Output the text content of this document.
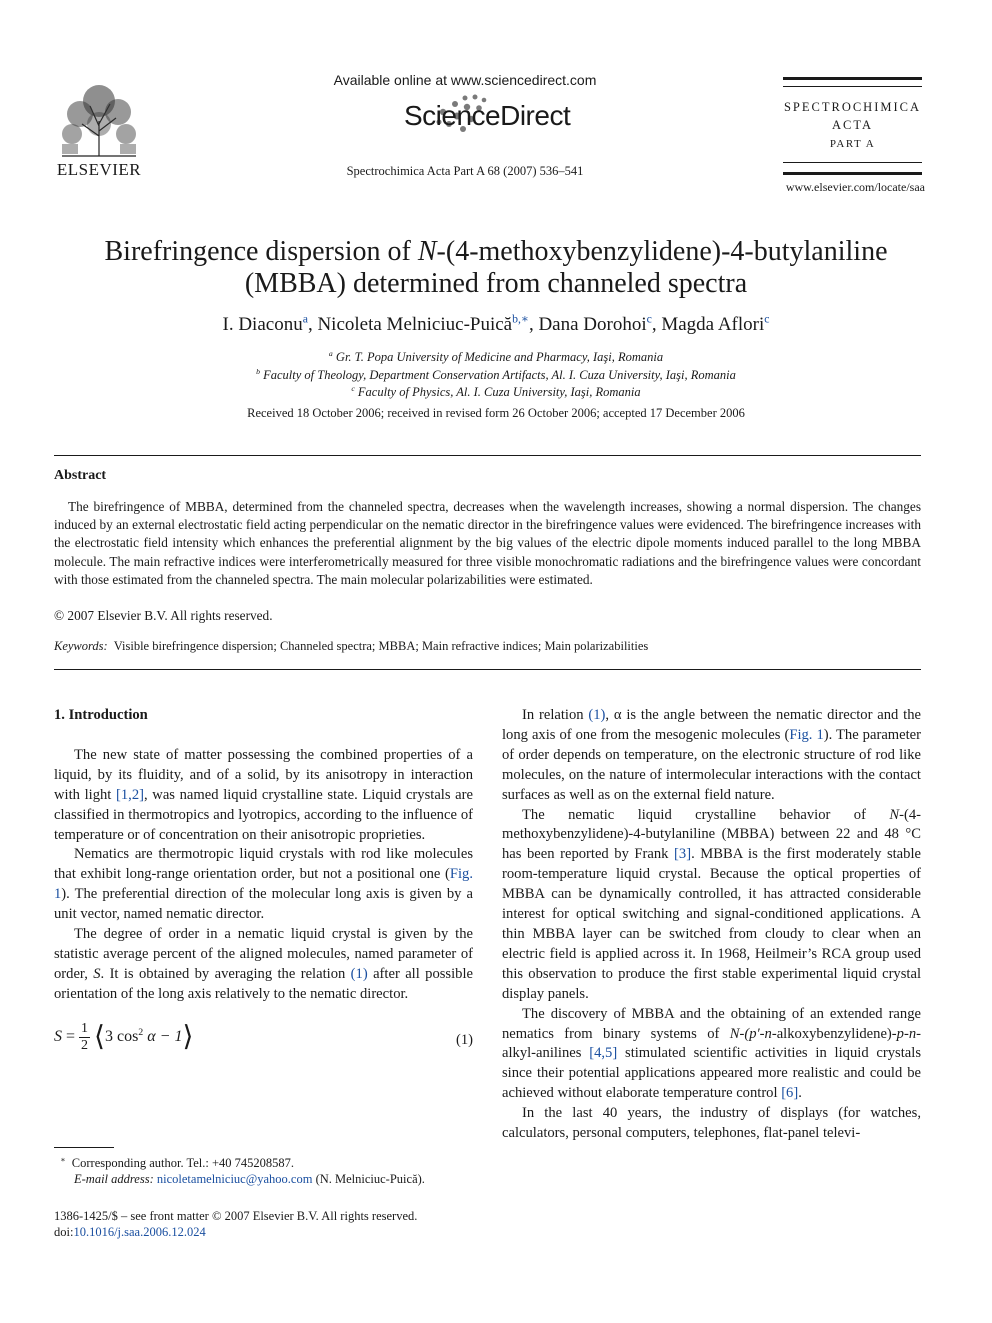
ELSEVIER
Available online at www.sciencedirect.com
ScienceDirect
Spectrochimica Acta Part A 68 (2007) 536–541
SPECTROCHIMICA
ACTA
PART A
www.elsevier.com/locate/saa
Birefringence dispersion of N-(4-methoxybenzylidene)-4-butylaniline
(MBBA) determined from channeled spectra
I. Diaconu$^a$, Nicoleta Melniciuc-Puică$^{b,∗}$, Dana Dorohoi$^c$, Magda Aflori$^c$
$^a$ Gr. T. Popa University of Medicine and Pharmacy, Iaşi, Romania
$^b$ Faculty of Theology, Department Conservation Artifacts, Al. I. Cuza University, Iaşi, Romania
$^c$ Faculty of Physics, Al. I. Cuza University, Iaşi, Romania
Received 18 October 2006; received in revised form 26 October 2006; accepted 17 December 2006
Abstract
The birefringence of MBBA, determined from the channeled spectra, decreases when the wavelength increases, showing a normal dispersion. The changes induced by an external electrostatic field acting perpendicular on the nematic director in the birefringence values were evidenced. The birefringence increases with the electrostatic field intensity which enhances the preferential alignment by the big values of the electric dipole moments induced parallel to the long MBBA molecule. The main refractive indices were interferometrically measured for three visible monochromatic radiations and the birefringence values were concordant with those estimated from the channeled spectra. The main molecular polarizabilities were estimated.
© 2007 Elsevier B.V. All rights reserved.
Keywords: Visible birefringence dispersion; Channeled spectra; MBBA; Main refractive indices; Main polarizabilities
1. Introduction

The new state of matter possessing the combined properties of a liquid, by its fluidity, and of a solid, by its anisotropy in interaction with light [1,2], was named liquid crystalline state. Liquid crystals are classified in thermotropics and lyotropics, according to the influence of temperature or of concentration on their anisotropic proprieties.

Nematics are thermotropic liquid crystals with rod like molecules that exhibit long-range orientation order, but not a positional one (Fig. 1). The preferential direction of the molecular long axis is given by a unit vector, named nematic director.

The degree of order in a nematic liquid crystal is given by the statistic average percent of the aligned molecules, named parameter of order, S. It is obtained by averaging the relation (1) after all possible orientation of the long axis relatively to the nematic director.

$S = \frac{1}{2}$ ⟨3 $\cos^2 \alpha$ − 1⟩	(1)

In relation (1), α is the angle between the nematic director and the long axis of one from the mesogenic molecules (Fig. 1). The parameter of order depends on temperature, on the electronic structure of rod like molecules, on the nature of intermolecular interactions with the contact surfaces as well as on the external field nature.

The nematic liquid crystalline behavior of N-(4-methoxybenzylidene)-4-butylaniline (MBBA) between 22 and 48 °C has been reported by Frank [3]. MBBA is the first moderately stable room-temperature liquid crystal. Because the optical properties of MBBA can be dynamically controlled, it has attracted considerable interest for optical switching and signal-conditioned applications. A thin MBBA layer can be switched from cloudy to clear when an electric field is applied across it. In 1968, Heilmeir’s RCA group used this observation to produce the first stable experimental liquid crystal display panels.

The discovery of MBBA and the obtaining of an extended range nematics from binary systems of N-(p′-n-alkoxybenzylidene)-p-n-alkyl-anilines [4,5] stimulated scientific activities in liquid crystals since their potential applications appeared more realistic and could be achieved without elaborate temperature control [6].

In the last 40 years, the industry of displays (for watches, calculators, personal computers, telephones, flat-panel televi-

∗ Corresponding author. Tel.: +40 745208587.
E-mail address: nicoletamelniciuc@yahoo.com (N. Melniciuc-Puică).
1386-1425/$ – see front matter © 2007 Elsevier B.V. All rights reserved.
doi:10.1016/j.saa.2006.12.024
